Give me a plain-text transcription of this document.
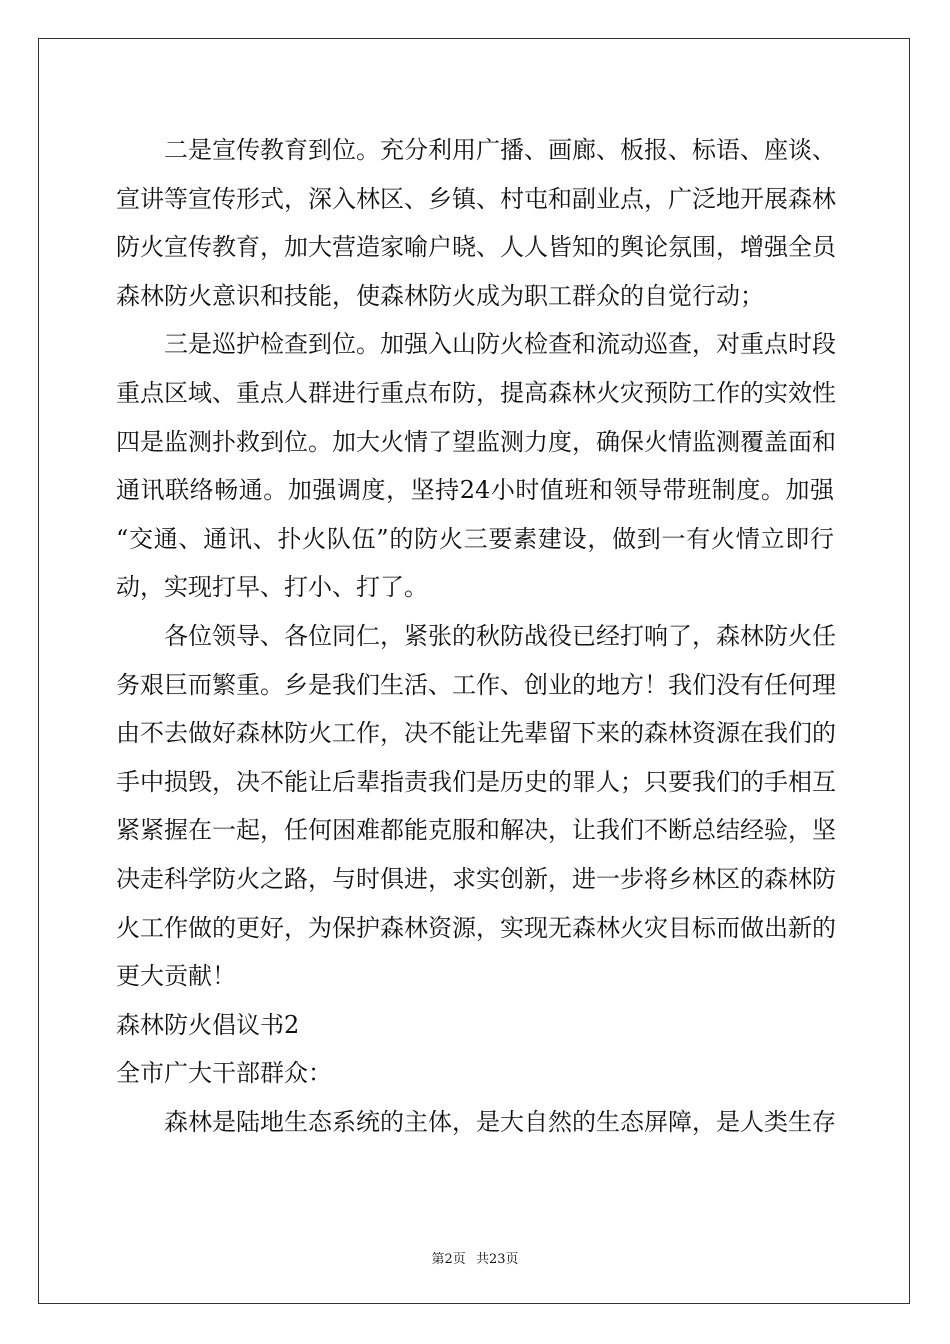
二是宣传教育到位。充分利用广播、画廊、板报、标语、座谈、
宣讲等宣传形式，深入林区、乡镇、村屯和副业点，广泛地开展森林
防火宣传教育，加大营造家喻户晓、人人皆知的舆论氛围，增强全员
森林防火意识和技能，使森林防火成为职工群众的自觉行动；
三是巡护检查到位。加强入山防火检查和流动巡查，对重点时段
重点区域、重点人群进行重点布防，提高森林火灾预防工作的实效性
四是监测扑救到位。加大火情了望监测力度，确保火情监测覆盖面和
通讯联络畅通。加强调度，坚持24小时值班和领导带班制度。加强
“交通、通讯、扑火队伍”的防火三要素建设，做到一有火情立即行
动，实现打早、打小、打了。
各位领导、各位同仁，紧张的秋防战役已经打响了，森林防火任
务艰巨而繁重。乡是我们生活、工作、创业的地方！我们没有任何理
由不去做好森林防火工作，决不能让先辈留下来的森林资源在我们的
手中损毁，决不能让后辈指责我们是历史的罪人；只要我们的手相互
紧紧握在一起，任何困难都能克服和解决，让我们不断总结经验，坚
决走科学防火之路，与时俱进，求实创新，进一步将乡林区的森林防
火工作做的更好，为保护森林资源，实现无森林火灾目标而做出新的
更大贡献！
森林防火倡议书2
全市广大干部群众：
森林是陆地生态系统的主体，是大自然的生态屏障，是人类生存
第2页 共23页
